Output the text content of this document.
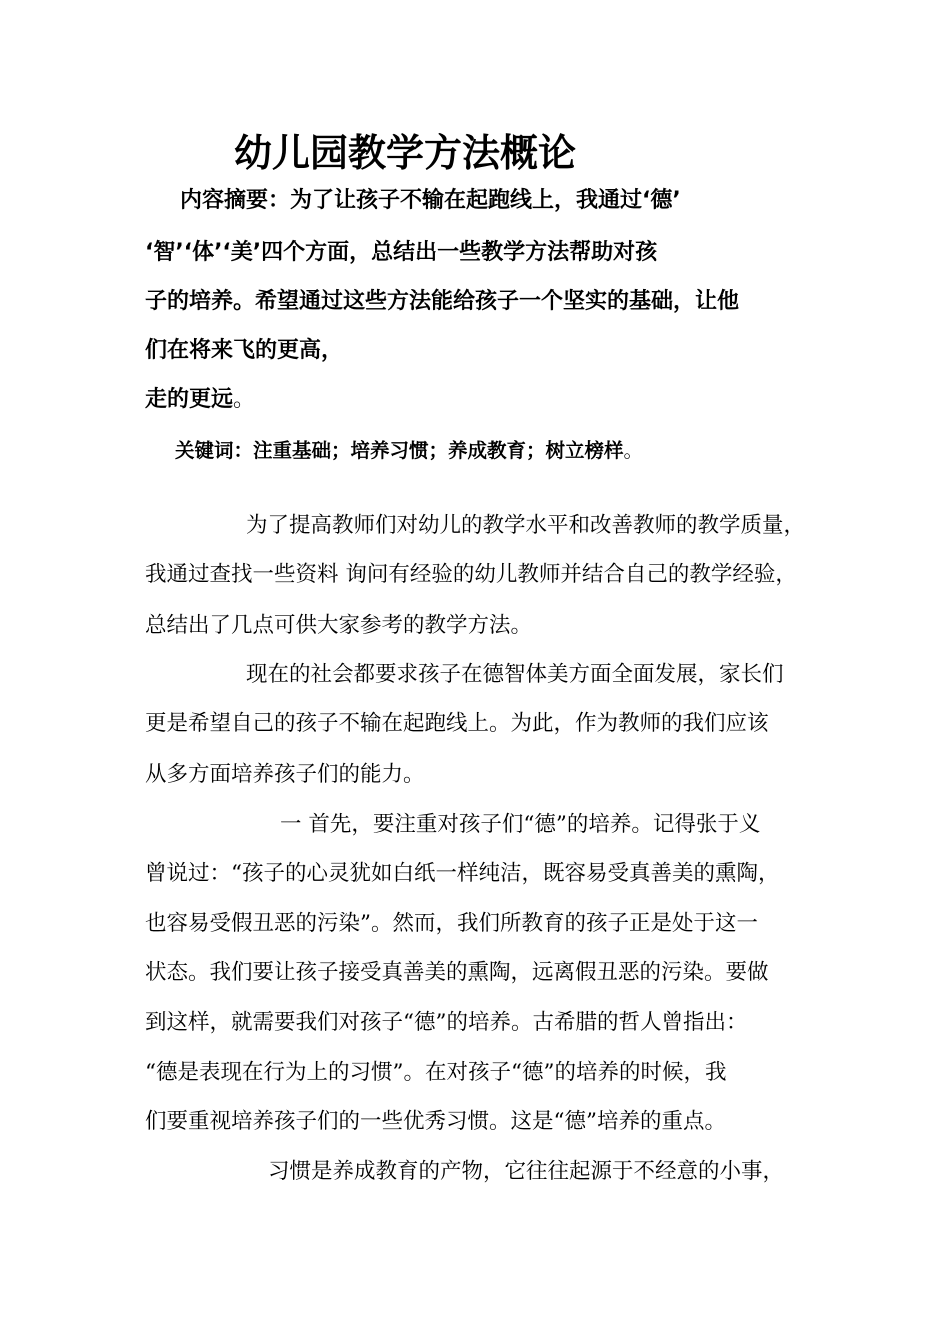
幼儿园教学方法概论
内容摘要：为了让孩子不输在起跑线上，我通过‘德’
‘智’‘体’‘美’四个方面，总结出一些教学方法帮助对孩
子的培养。希望通过这些方法能给孩子一个坚实的基础，让他
们在将来飞的更高，
走的更远。
关键词：注重基础；培养习惯；养成教育；树立榜样。
为了提高教师们对幼儿的教学水平和改善教师的教学质量，
我通过查找一些资料 询问有经验的幼儿教师并结合自己的教学经验，
总结出了几点可供大家参考的教学方法。
现在的社会都要求孩子在德智体美方面全面发展，家长们
更是希望自己的孩子不输在起跑线上。为此，作为教师的我们应该
从多方面培养孩子们的能力。
一 首先，要注重对孩子们“德”的培养。记得张于义
曾说过：“孩子的心灵犹如白纸一样纯洁，既容易受真善美的熏陶，
也容易受假丑恶的污染”。然而，我们所教育的孩子正是处于这一
状态。我们要让孩子接受真善美的熏陶，远离假丑恶的污染。要做
到这样，就需要我们对孩子“德”的培养。古希腊的哲人曾指出：
“德是表现在行为上的习惯”。在对孩子“德”的培养的时候，我
们要重视培养孩子们的一些优秀习惯。这是“德”培养的重点。
习惯是养成教育的产物，它往往起源于不经意的小事，
